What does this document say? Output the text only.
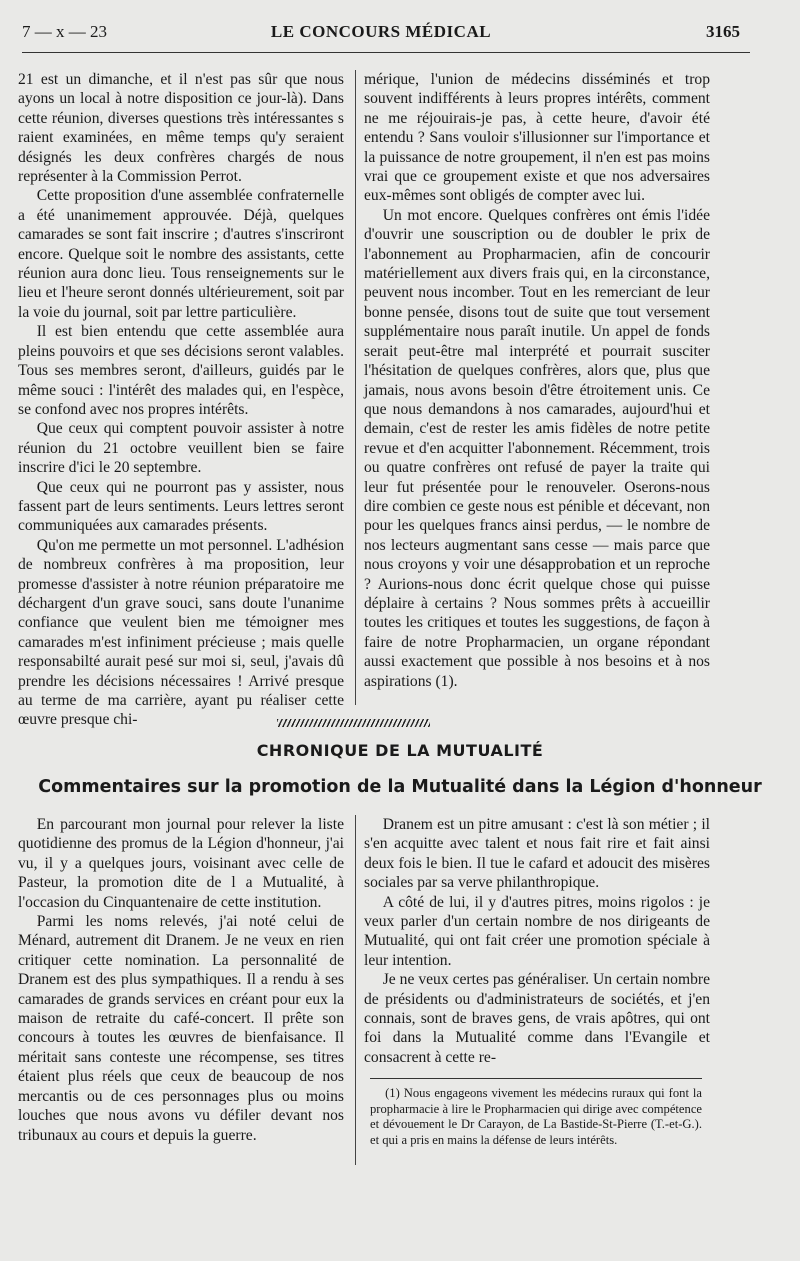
7 — x — 23	LE CONCOURS MÉDICAL	3165

21 est un dimanche, et il n'est pas sûr que nous ayons un local à notre disposition ce jour-là). Dans cette réunion, diverses questions très intéressantes s raient examinées, en même temps qu'y seraient désignés les deux confrères chargés de nous représenter à la Commission Perrot.

Cette proposition d'une assemblée confraternelle a été unanimement approuvée. Déjà, quelques camarades se sont fait inscrire ; d'autres s'inscriront encore. Quelque soit le nombre des assistants, cette réunion aura donc lieu. Tous renseignements sur le lieu et l'heure seront donnés ultérieurement, soit par la voie du journal, soit par lettre particulière.

Il est bien entendu que cette assemblée aura pleins pouvoirs et que ses décisions seront valables. Tous ses membres seront, d'ailleurs, guidés par le même souci : l'intérêt des malades qui, en l'espèce, se confond avec nos propres intérêts.

Que ceux qui comptent pouvoir assister à notre réunion du 21 octobre veuillent bien se faire inscrire d'ici le 20 septembre.

Que ceux qui ne pourront pas y assister, nous fassent part de leurs sentiments. Leurs lettres seront communiquées aux camarades présents.

Qu'on me permette un mot personnel. L'adhésion de nombreux confrères à ma proposition, leur promesse d'assister à notre réunion préparatoire me déchargent d'un grave souci, sans doute l'unanime confiance que veulent bien me témoigner mes camarades m'est infiniment précieuse ; mais quelle responsabilté aurait pesé sur moi si, seul, j'avais dû prendre les décisions nécessaires ! Arrivé presque au terme de ma carrière, ayant pu réaliser cette œuvre presque chi-

mérique, l'union de médecins disséminés et trop souvent indifférents à leurs propres intérêts, comment ne me réjouirais-je pas, à cette heure, d'avoir été entendu ? Sans vouloir s'illusionner sur l'importance et la puissance de notre groupement, il n'en est pas moins vrai que ce groupement existe et que nos adversaires eux-mêmes sont obligés de compter avec lui.

Un mot encore. Quelques confrères ont émis l'idée d'ouvrir une souscription ou de doubler le prix de l'abonnement au Propharmacien, afin de concourir matériellement aux divers frais qui, en la circonstance, peuvent nous incomber. Tout en les remerciant de leur bonne pensée, disons tout de suite que tout versement supplémentaire nous paraît inutile. Un appel de fonds serait peut-être mal interprété et pourrait susciter l'hésitation de quelques confrères, alors que, plus que jamais, nous avons besoin d'être étroitement unis. Ce que nous demandons à nos camarades, aujourd'hui et demain, c'est de rester les amis fidèles de notre petite revue et d'en acquitter l'abonnement. Récemment, trois ou quatre confrères ont refusé de payer la traite qui leur fut présentée pour le renouveler. Oserons-nous dire combien ce geste nous est pénible et décevant, non pour les quelques francs ainsi perdus, — le nombre de nos lecteurs augmentant sans cesse — mais parce que nous croyons y voir une désapprobation et un reproche ? Aurions-nous donc écrit quelque chose qui puisse déplaire à certains ? Nous sommes prêts à accueillir toutes les critiques et toutes les suggestions, de façon à faire de notre Propharmacien, un organe répondant aussi exactement que possible à nos besoins et à nos aspirations (1).

CHRONIQUE DE LA MUTUALITÉ
Commentaires sur la promotion de la Mutualité dans la Légion d'honneur

En parcourant mon journal pour relever la liste quotidienne des promus de la Légion d'honneur, j'ai vu, il y a quelques jours, voisinant avec celle de Pasteur, la promotion dite de l a Mutualité, à l'occasion du Cinquantenaire de cette institution.

Parmi les noms relevés, j'ai noté celui de Ménard, autrement dit Dranem. Je ne veux en rien critiquer cette nomination. La personnalité de Dranem est des plus sympathiques. Il a rendu à ses camarades de grands services en créant pour eux la maison de retraite du café-concert. Il prête son concours à toutes les œuvres de bienfaisance. Il méritait sans conteste une récompense, ses titres étaient plus réels que ceux de beaucoup de nos mercantis ou de ces personnages plus ou moins louches que nous avons vu défiler devant nos tribunaux au cours et depuis la guerre.

Dranem est un pitre amusant : c'est là son métier ; il s'en acquitte avec talent et nous fait rire et fait ainsi deux fois le bien. Il tue le cafard et adoucit des misères sociales par sa verve philanthropique.

A côté de lui, il y d'autres pitres, moins rigolos : je veux parler d'un certain nombre de nos dirigeants de Mutualité, qui ont fait créer une promotion spéciale à leur intention.

Je ne veux certes pas généraliser. Un certain nombre de présidents ou d'administrateurs de sociétés, et j'en connais, sont de braves gens, de vrais apôtres, qui ont foi dans la Mutualité comme dans l'Evangile et consacrent à cette re-

(1) Nous engageons vivement les médecins ruraux qui font la propharmacie à lire le Propharmacien qui dirige avec compétence et dévouement le Dr Carayon, de La Bastide-St-Pierre (T.-et-G.). et qui a pris en mains la défense de leurs intérêts.
